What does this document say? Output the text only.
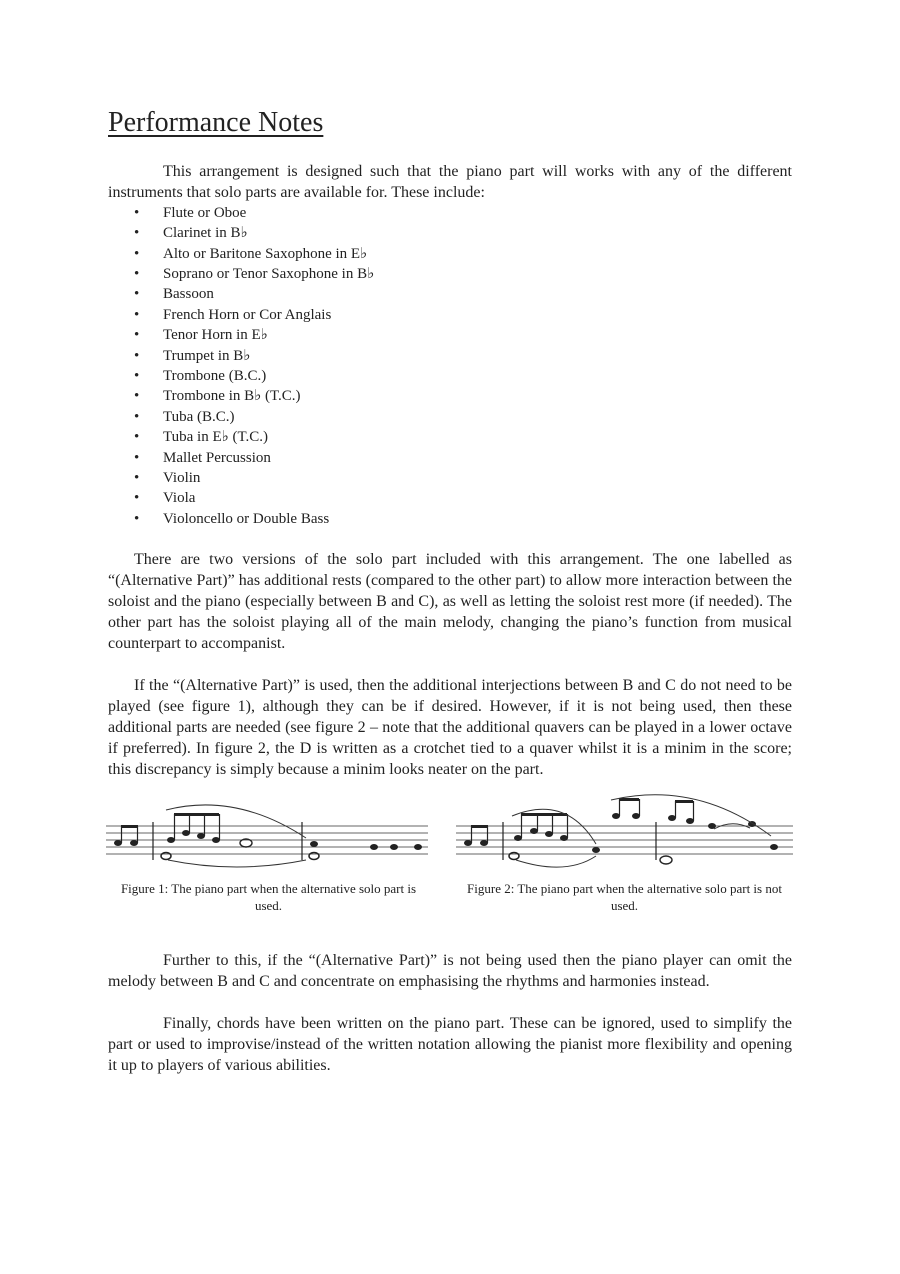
Performance Notes

This arrangement is designed such that the piano part will works with any of the different instruments that solo parts are available for. These include:

• Flute or Oboe
• Clarinet in B♭
• Alto or Baritone Saxophone in E♭
• Soprano or Tenor Saxophone in B♭
• Bassoon
• French Horn or Cor Anglais
• Tenor Horn in E♭
• Trumpet in B♭
• Trombone (B.C.)
• Trombone in B♭ (T.C.)
• Tuba (B.C.)
• Tuba in E♭ (T.C.)
• Mallet Percussion
• Violin
• Viola
• Violoncello or Double Bass

There are two versions of the solo part included with this arrangement. The one labelled as “(Alternative Part)” has additional rests (compared to the other part) to allow more interaction between the soloist and the piano (especially between B and C), as well as letting the soloist rest more (if needed). The other part has the soloist playing all of the main melody, changing the piano’s function from musical counterpart to accompanist.

If the “(Alternative Part)” is used, then the additional interjections between B and C do not need to be played (see figure 1), although they can be if desired. However, if it is not being used, then these additional parts are needed (see figure 2 – note that the additional quavers can be played in a lower octave if preferred). In figure 2, the D is written as a crotchet tied to a quaver whilst it is a minim in the score; this discrepancy is simply because a minim looks neater on the part.

Figure 1: The piano part when the alternative solo part is used.
Figure 2: The piano part when the alternative solo part is not used.

Further to this, if the “(Alternative Part)” is not being used then the piano player can omit the melody between B and C and concentrate on emphasising the rhythms and harmonies instead.

Finally, chords have been written on the piano part. These can be ignored, used to simplify the part or used to improvise/instead of the written notation allowing the pianist more flexibility and opening it up to players of various abilities.
